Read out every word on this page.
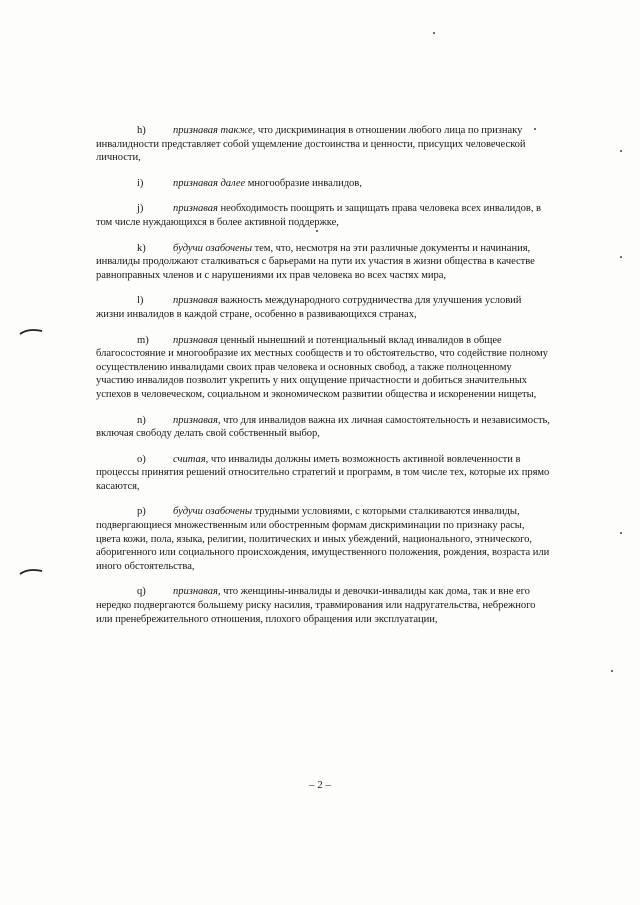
h)	признавая также, что дискриминация в отношении любого лица по признаку инвалидности представляет собой ущемление достоинства и ценности, присущих человеческой личности,

i)	признавая далее многообразие инвалидов,

j)	признавая необходимость поощрять и защищать права человека всех инвалидов, в том числе нуждающихся в более активной поддержке,

k)	будучи озабочены тем, что, несмотря на эти различные документы и начинания, инвалиды продолжают сталкиваться с барьерами на пути их участия в жизни общества в качестве равноправных членов и с нарушениями их прав человека во всех частях мира,

l)	признавая важность международного сотрудничества для улучшения условий жизни инвалидов в каждой стране, особенно в развивающихся странах,

m) признавая ценный нынешний и потенциальный вклад инвалидов в общее благосостояние и многообразие их местных сообществ и то обстоятельство, что содействие полному осуществлению инвалидами своих прав человека и основных свобод, а также полноценному участию инвалидов позволит укрепить у них ощущение причастности и добиться значительных успехов в человеческом, социальном и экономическом развитии общества и искоренении нищеты,

n)	признавая, что для инвалидов важна их личная самостоятельность и независимость, включая свободу делать свой собственный выбор,

o)	считая, что инвалиды должны иметь возможность активной вовлеченности в процессы принятия решений относительно стратегий и программ, в том числе тех, которые их прямо касаются,

p)	будучи озабочены трудными условиями, с которыми сталкиваются инвалиды, подвергающиеся множественным или обостренным формам дискриминации по признаку расы, цвета кожи, пола, языка, религии, политических и иных убеждений, национального, этнического, аборигенного или социального происхождения, имущественного положения, рождения, возраста или иного обстоятельства,

q)	признавая, что женщины-инвалиды и девочки-инвалиды как дома, так и вне его нередко подвергаются большему риску насилия, травмирования или надругательства, небрежного или пренебрежительного отношения, плохого обращения или эксплуатации,

– 2 –
